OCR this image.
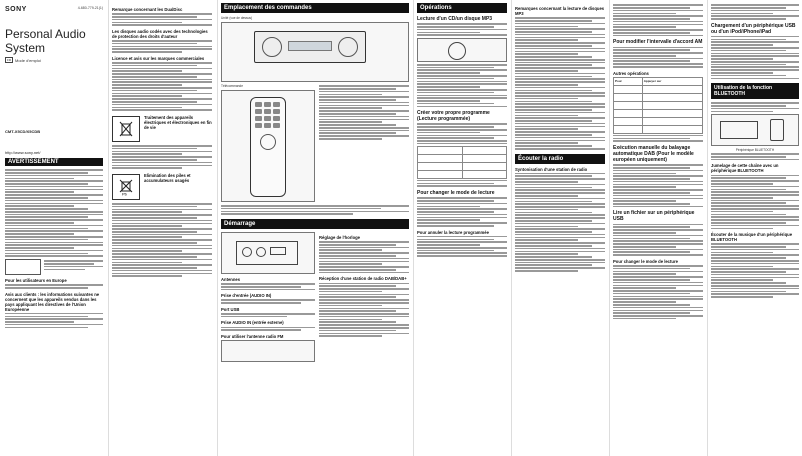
SONY	4-680-779-21(1)
Personal Audio System
FR	Mode d'emploi
CMT-X5CD/X5CDB
http://www.sony.net/
AVERTISSEMENT
Pour les utilisateurs en Europe
Avis aux clients : les informations suivantes ne concernent que les appareils vendus dans les pays appliquant les directives de l'Union Européenne
Remarque concernant les DualDisc
Les disques audio codés avec des technologies de protection des droits d'auteur
Licence et avis sur les marques commerciales
Traitement des appareils électriques et électroniques en fin de vie
Pb
Elimination des piles et accumulateurs usagés
Emplacement des commandes
Unité (vue de dessus)
Télécommande
Démarrage
Antennes
Prise d'entrée (AUDIO IN)
Port USB
Prise AUDIO IN (entrée externe)
Pour utiliser l'antenne radio FM
Réglage de l'horloge
Réception d'une station de radio DAB/DAB+
Opérations
Lecture d'un CD/un disque MP3
Créer votre propre programme (Lecture programmée)

Pour changer le mode de lecture
Pour annuler la lecture programmée
Remarques concernant la lecture de disques MP3
Écouter la radio
Syntonisation d'une station de radio
Pour modifier l'intervalle d'accord AM
Autres opérations
Pour	Appuyer sur

Exécution manuelle du balayage automatique DAB (Pour le modèle européen uniquement)
Lire un fichier sur un périphérique USB
Pour changer le mode de lecture
Chargement d'un périphérique USB ou d'un iPod/iPhone/iPad
Utilisation de la fonction BLUETOOTH
Périphérique BLUETOOTH
Jumelage de cette chaîne avec un périphérique BLUETOOTH
Écouter de la musique d'un périphérique BLUETOOTH
